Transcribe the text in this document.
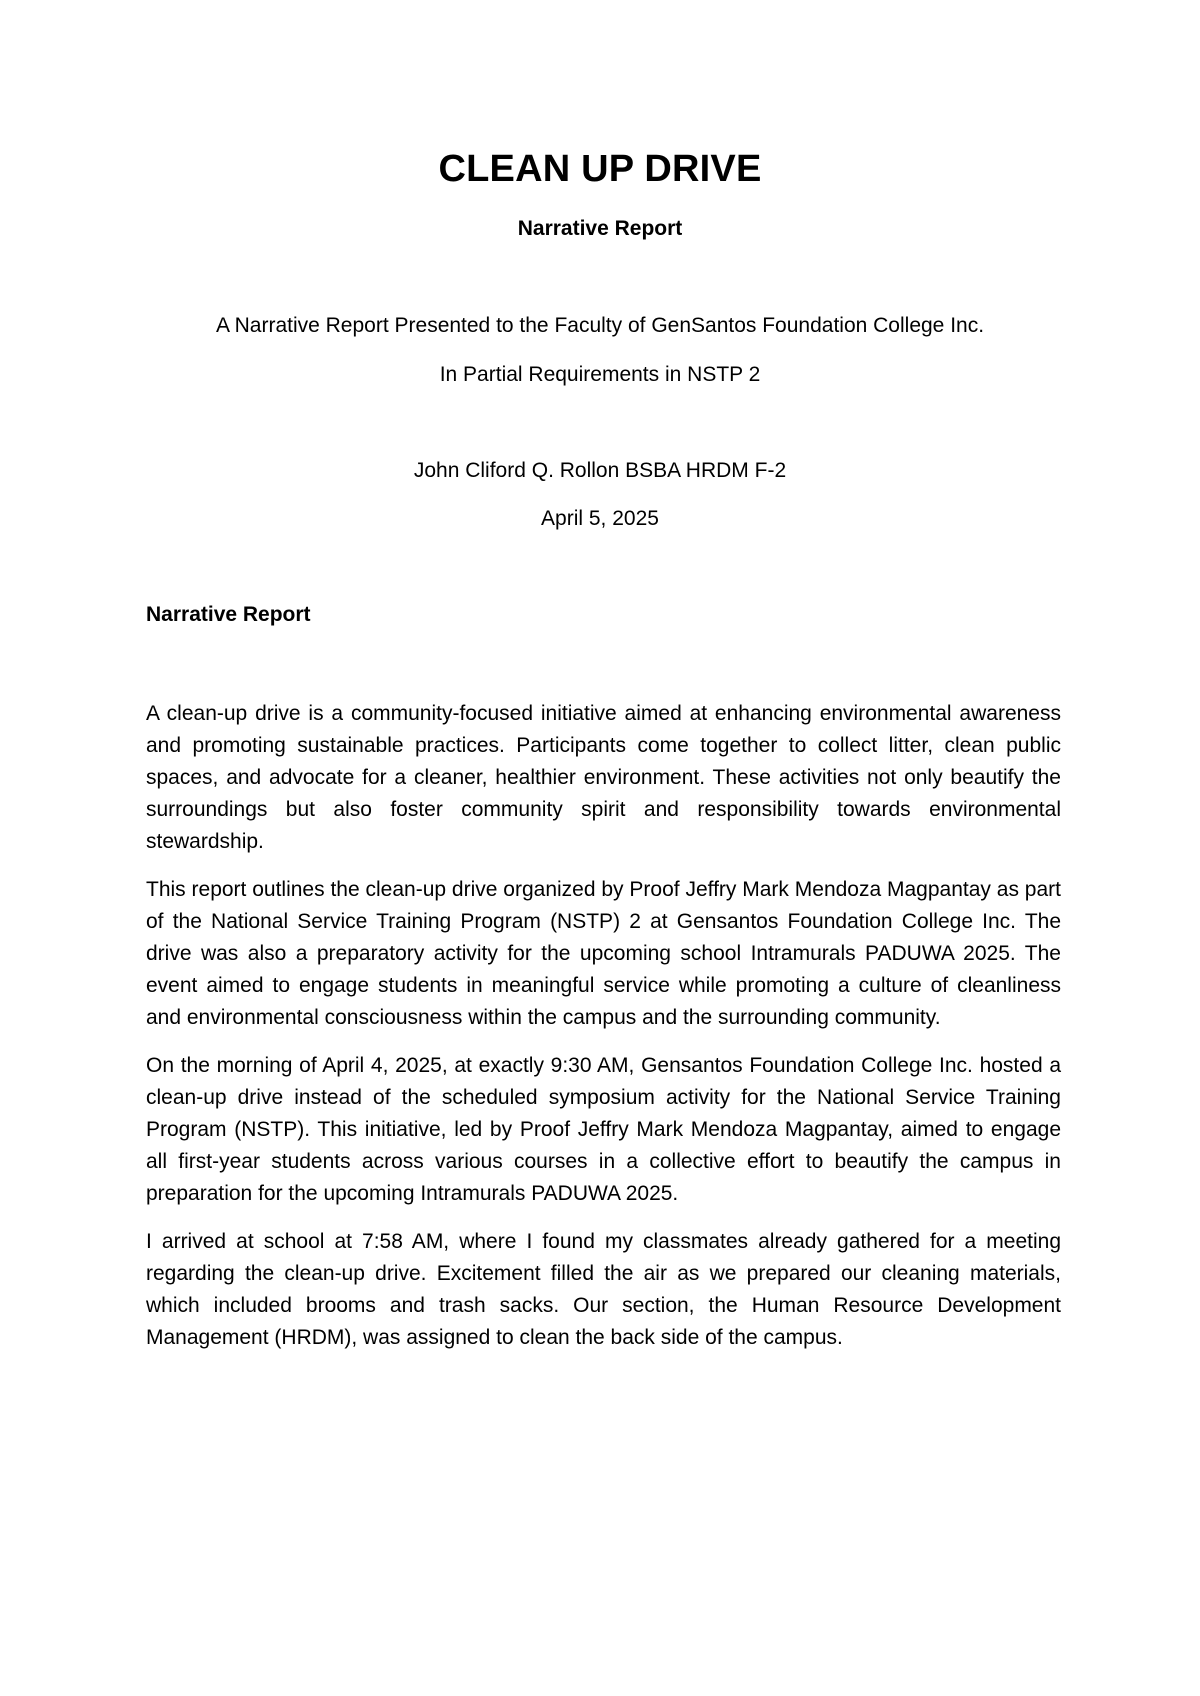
CLEAN UP DRIVE
Narrative Report

A Narrative Report Presented to the Faculty of GenSantos Foundation College Inc.

In Partial Requirements in NSTP 2

John Cliford Q. Rollon BSBA HRDM F-2

April 5, 2025

Narrative Report

A clean-up drive is a community-focused initiative aimed at enhancing environmental awareness and promoting sustainable practices. Participants come together to collect litter, clean public spaces, and advocate for a cleaner, healthier environment. These activities not only beautify the surroundings but also foster community spirit and responsibility towards environmental stewardship.

This report outlines the clean-up drive organized by Proof Jeffry Mark Mendoza Magpantay as part of the National Service Training Program (NSTP) 2 at Gensantos Foundation College Inc. The drive was also a preparatory activity for the upcoming school Intramurals PADUWA 2025. The event aimed to engage students in meaningful service while promoting a culture of cleanliness and environmental consciousness within the campus and the surrounding community.

On the morning of April 4, 2025, at exactly 9:30 AM, Gensantos Foundation College Inc. hosted a clean-up drive instead of the scheduled symposium activity for the National Service Training Program (NSTP). This initiative, led by Proof Jeffry Mark Mendoza Magpantay, aimed to engage all first-year students across various courses in a collective effort to beautify the campus in preparation for the upcoming Intramurals PADUWA 2025.

I arrived at school at 7:58 AM, where I found my classmates already gathered for a meeting regarding the clean-up drive. Excitement filled the air as we prepared our cleaning materials, which included brooms and trash sacks. Our section, the Human Resource Development Management (HRDM), was assigned to clean the back side of the campus.
